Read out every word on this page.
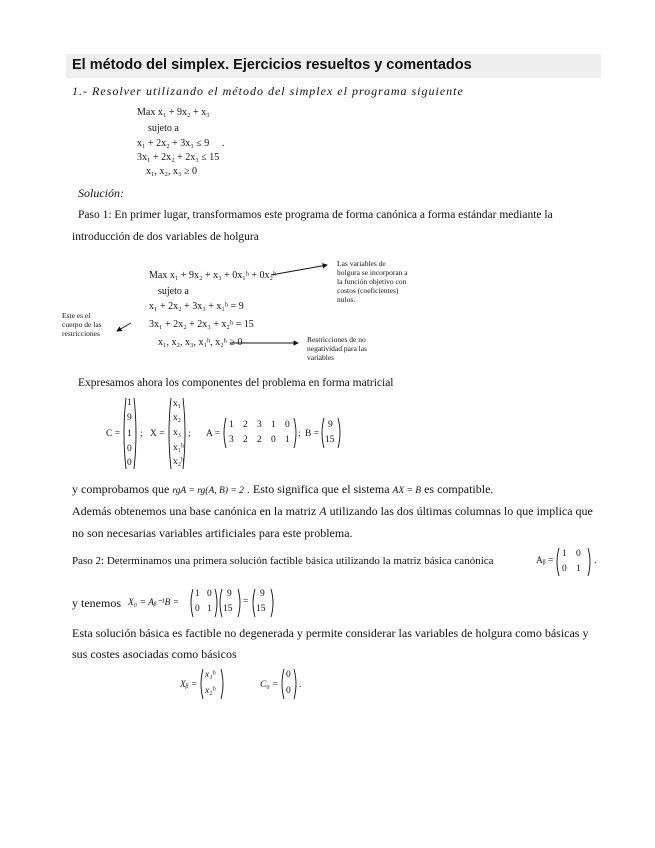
El método del simplex. Ejercicios resueltos y comentados
1.- Resolver utilizando el método del simplex el programa siguiente
Max x₁ + 9x₂ + x₃
sujeto a
x₁ + 2x₂ + 3x₃ ≤ 9 .
3x₁ + 2x₂ + 2x₃ ≤ 15
x₁, x₂, x₃ ≥ 0
Solución:
Paso 1: En primer lugar, transformamos este programa de forma canónica a forma estándar mediante la
introducción de dos variables de holgura
Max x₁ + 9x₂ + x₃ + 0x₁ʰ + 0x₂ʰ
sujeto a
x₁ + 2x₂ + 3x₃ + x₁ʰ = 9
3x₁ + 2x₂ + 2x₃ + x₂ʰ = 15
x₁, x₂, x₃, x₁ʰ, x₂ʰ ≥ 0
Las variables de holgura se incorporan a la función objetivo con costos (coeficientes) nulos.
Este es el cuerpo de las restricciones
Restricciones de no negatividad para las variables
Expresamos ahora los componentes del problema en forma matricial
C =
1
9
1
0
0
; X =
x₁
x₂
x₃
x₁ʰ
x₂ʰ
; A =
1 2 3 1 0
3 2 2 0 1
; B =
9
15
y comprobamos que rgA = rg(A, B) = 2 . Esto significa que el sistema AX = B es compatible.
Además obtenemos una base canónica en la matriz A utilizando las dos últimas columnas lo que implica que
no son necesarias variables artificiales para este problema.
Paso 2: Determinamos una primera solución factible básica utilizando la matriz básica canónica	Aᵦ =
1 0
0 1
.
y tenemos X₀ = Aᵦ⁻¹B =
1 0
0 1
9
15
=
9
15
Esta solución básica es factible no degenerada y permite considerar las variables de holgura como básicas y
sus costes asociadas como básicos
Xᵦ =
x₁ʰ
x₂ʰ
C₀ =
0
0
.
